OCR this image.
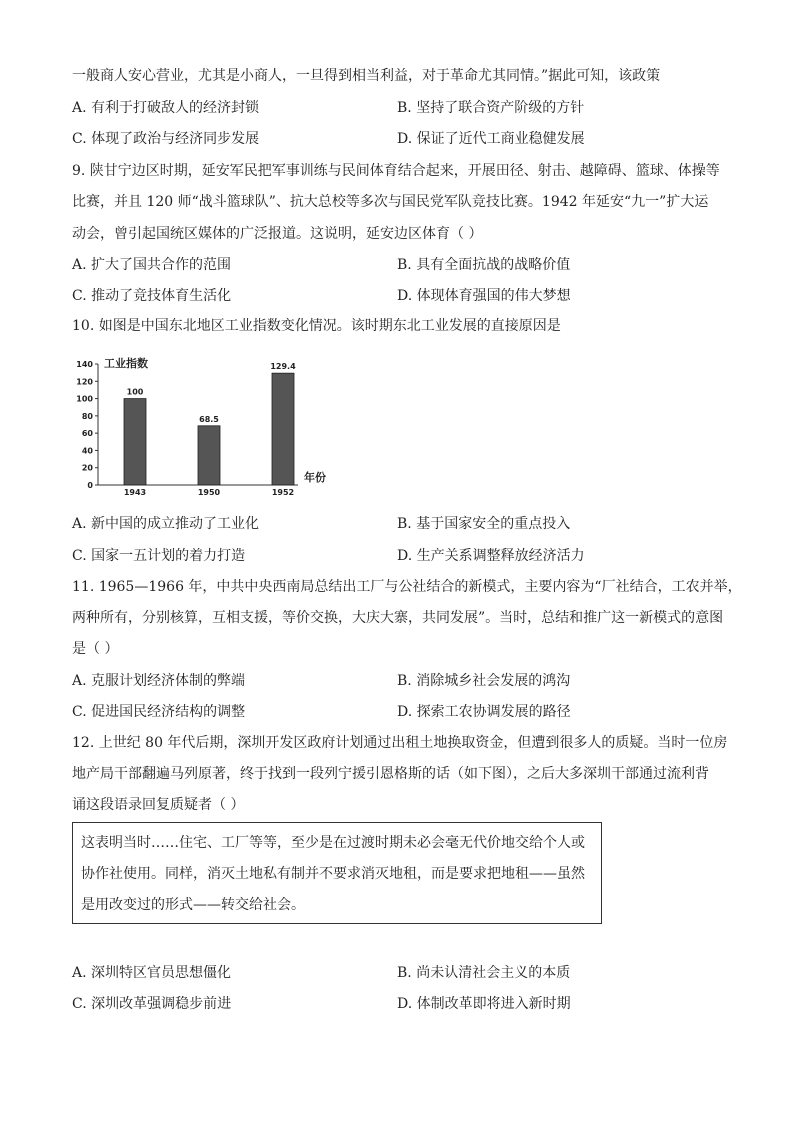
一般商人安心营业，尤其是小商人，一旦得到相当利益，对于革命尤其同情。”据此可知，该政策
A. 有利于打破敌人的经济封锁	B. 坚持了联合资产阶级的方针
C. 体现了政治与经济同步发展	D. 保证了近代工商业稳健发展
9. 陕甘宁边区时期，延安军民把军事训练与民间体育结合起来，开展田径、射击、越障碍、篮球、体操等
比赛，并且 120 师“战斗篮球队”、抗大总校等多次与国民党军队竞技比赛。1942 年延安“九一”扩大运
动会，曾引起国统区媒体的广泛报道。这说明，延安边区体育（ ）
A. 扩大了国共合作的范围	B. 具有全面抗战的战略价值
C. 推动了竞技体育生活化	D. 体现体育强国的伟大梦想
10. 如图是中国东北地区工业指数变化情况。该时期东北工业发展的直接原因是
0
20
40
60
80
100
120
140 工业指数
年份
100
1943
68.5
1950
129.4
1952
A. 新中国的成立推动了工业化	B. 基于国家安全的重点投入
C. 国家一五计划的着力打造	D. 生产关系调整释放经济活力
11. 1965—1966 年，中共中央西南局总结出工厂与公社结合的新模式，主要内容为“厂社结合，工农并举，
两种所有，分别核算，互相支援，等价交换，大庆大寨，共同发展”。当时，总结和推广这一新模式的意图
是（ ）
A. 克服计划经济体制的弊端	B. 消除城乡社会发展的鸿沟
C. 促进国民经济结构的调整	D. 探索工农协调发展的路径
12. 上世纪 80 年代后期，深圳开发区政府计划通过出租土地换取资金，但遭到很多人的质疑。当时一位房
地产局干部翻遍马列原著，终于找到一段列宁援引恩格斯的话（如下图），之后大多深圳干部通过流利背
诵这段语录回复质疑者（ ）
这表明当时……住宅、工厂等等，至少是在过渡时期未必会毫无代价地交给个人或
协作社使用。同样，消灭土地私有制并不要求消灭地租，而是要求把地租——虽然
是用改变过的形式——转交给社会。
A. 深圳特区官员思想僵化	B. 尚未认清社会主义的本质
C. 深圳改革强调稳步前进	D. 体制改革即将进入新时期
